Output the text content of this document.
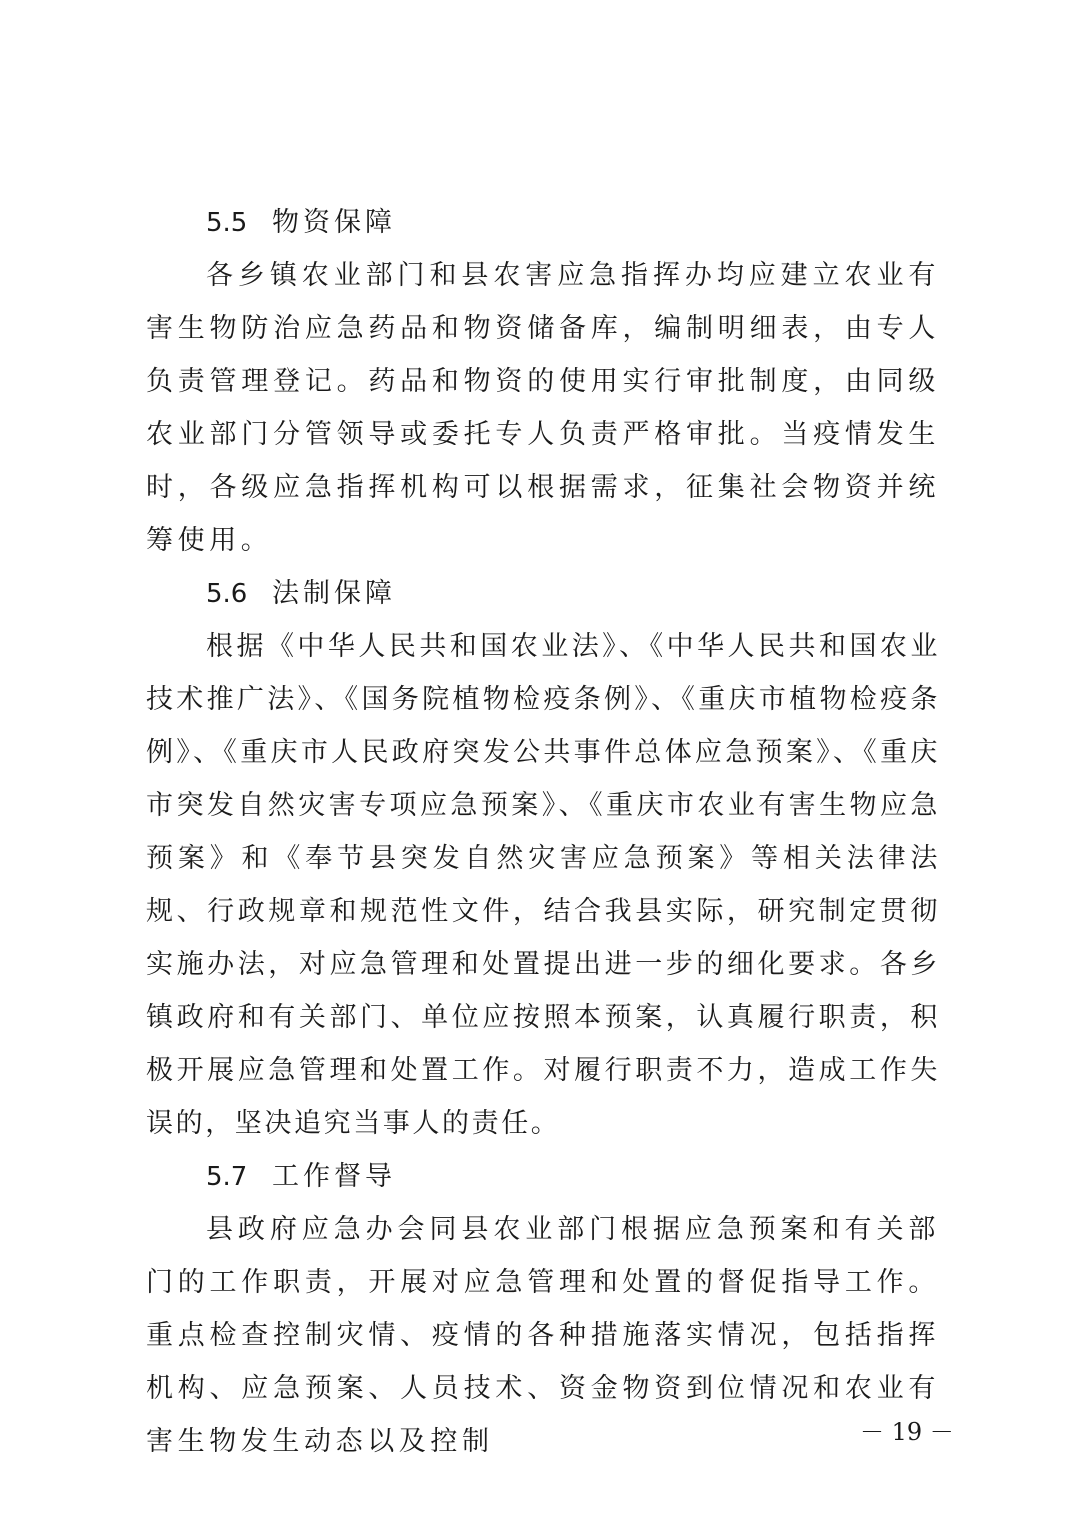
5.5 物资保障

各乡镇农业部门和县农害应急指挥办均应建立农业有害生物防治应急药品和物资储备库，编制明细表，由专人负责管理登记。药品和物资的使用实行审批制度，由同级农业部门分管领导或委托专人负责严格审批。当疫情发生时，各级应急指挥机构可以根据需求，征集社会物资并统筹使用。

5.6 法制保障

根据《中华人民共和国农业法》、《中华人民共和国农业技术推广法》、《国务院植物检疫条例》、《重庆市植物检疫条例》、《重庆市人民政府突发公共事件总体应急预案》、《重庆市突发自然灾害专项应急预案》、《重庆市农业有害生物应急预案》和《奉节县突发自然灾害应急预案》等相关法律法规、行政规章和规范性文件，结合我县实际，研究制定贯彻实施办法，对应急管理和处置提出进一步的细化要求。各乡镇政府和有关部门、单位应按照本预案，认真履行职责，积极开展应急管理和处置工作。对履行职责不力，造成工作失误的，坚决追究当事人的责任。

5.7 工作督导

县政府应急办会同县农业部门根据应急预案和有关部门的工作职责，开展对应急管理和处置的督促指导工作。重点检查控制灾情、疫情的各种措施落实情况，包括指挥机构、应急预案、人员技术、资金物资到位情况和农业有害生物发生动态以及控制	－ 19 －
